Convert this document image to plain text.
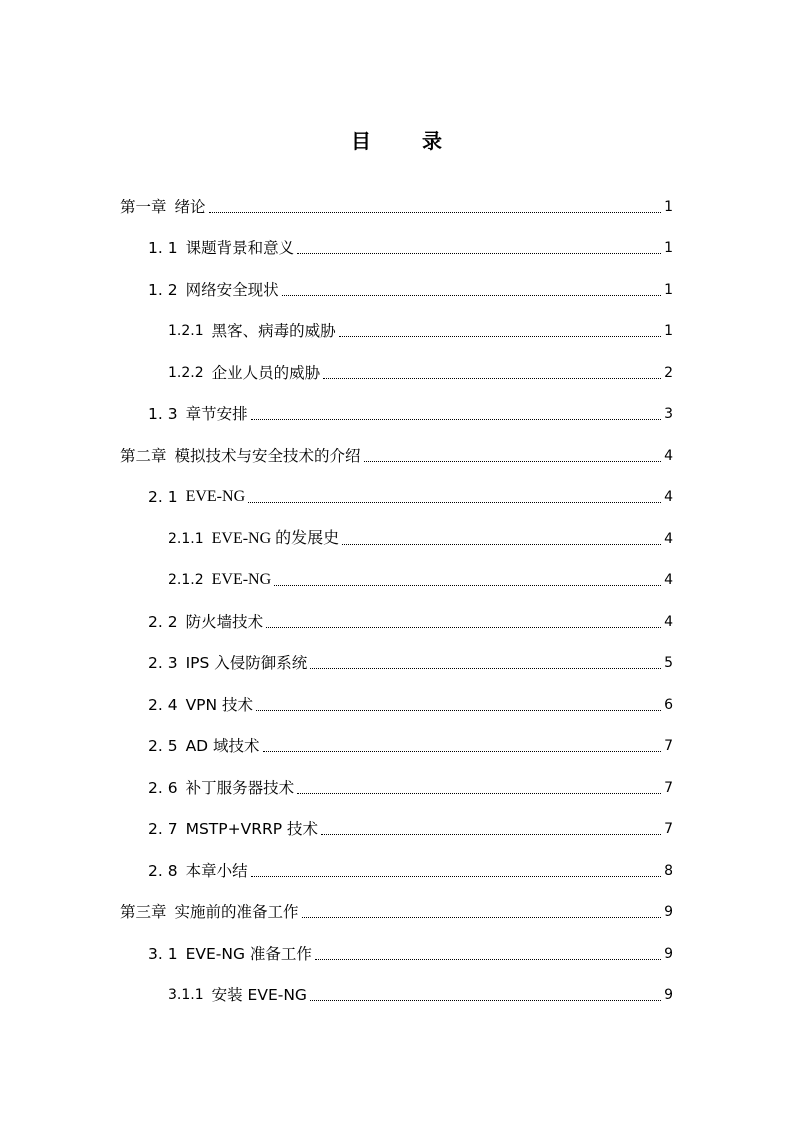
目 录
第一章 绪论	1
1. 1 课题背景和意义	1
1. 2 网络安全现状	1
1.2.1 黑客、病毒的威胁	1
1.2.2 企业人员的威胁	2
1. 3 章节安排	3
第二章 模拟技术与安全技术的介绍	4
2. 1 EVE-NG	4
2.1.1 EVE-NG 的发展史	4
2.1.2 EVE-NG	4
2. 2 防火墙技术	4
2. 3 IPS 入侵防御系统	5
2. 4 VPN 技术	6
2. 5 AD 域技术	7
2. 6 补丁服务器技术	7
2. 7 MSTP+VRRP 技术	7
2. 8 本章小结	8
第三章 实施前的准备工作	9
3. 1 EVE-NG 准备工作	9
3.1.1 安装 EVE-NG	9
